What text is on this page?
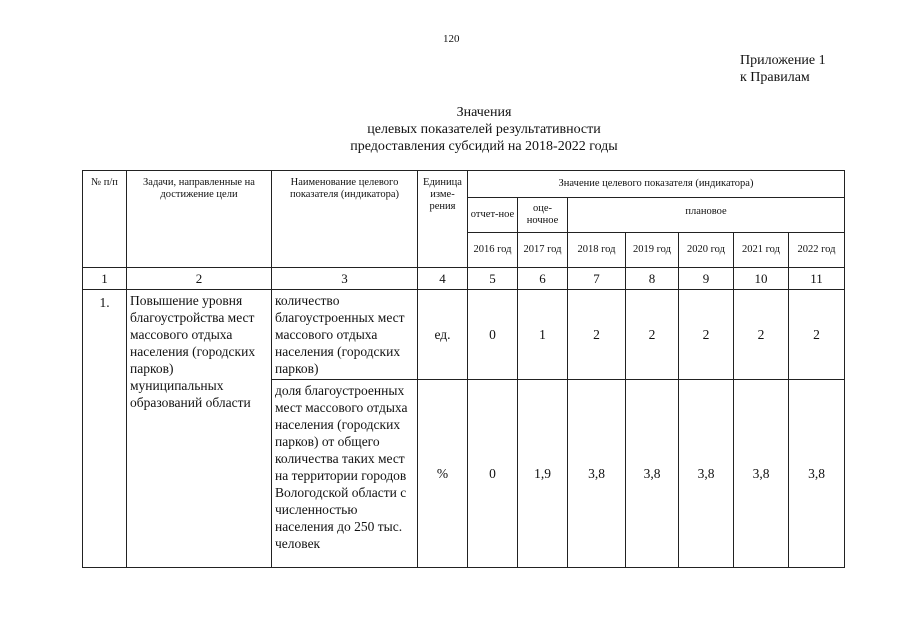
120
Приложение 1
к Правилам
Значения
целевых показателей результативности
предоставления субсидий на 2018-2022 годы
№ п/п	Задачи, направленные на достижение цели	Наименование целевого показателя (индикатора)	Единица изме-рения	Значение целевого показателя (индикатора)						
				отчет-ное	оце-ночное	плановое				
				2016 год	2017 год	2018 год	2019 год	2020 год	2021 год	2022 год
1	2	3	4	5	6	7	8	9	10	11
1.	Повышение уровня благоустройства мест массового отдыха населения (городских парков) муниципальных образований области	количество благоустроенных мест массового отдыха населения (городских парков)	ед.	0	1	2	2	2	2	2
		доля благоустроенных мест массового отдыха населения (городских парков) от общего количества таких мест на территории городов Вологодской области с численностью населения до 250 тыс. человек	%	0	1,9	3,8	3,8	3,8	3,8	3,8
